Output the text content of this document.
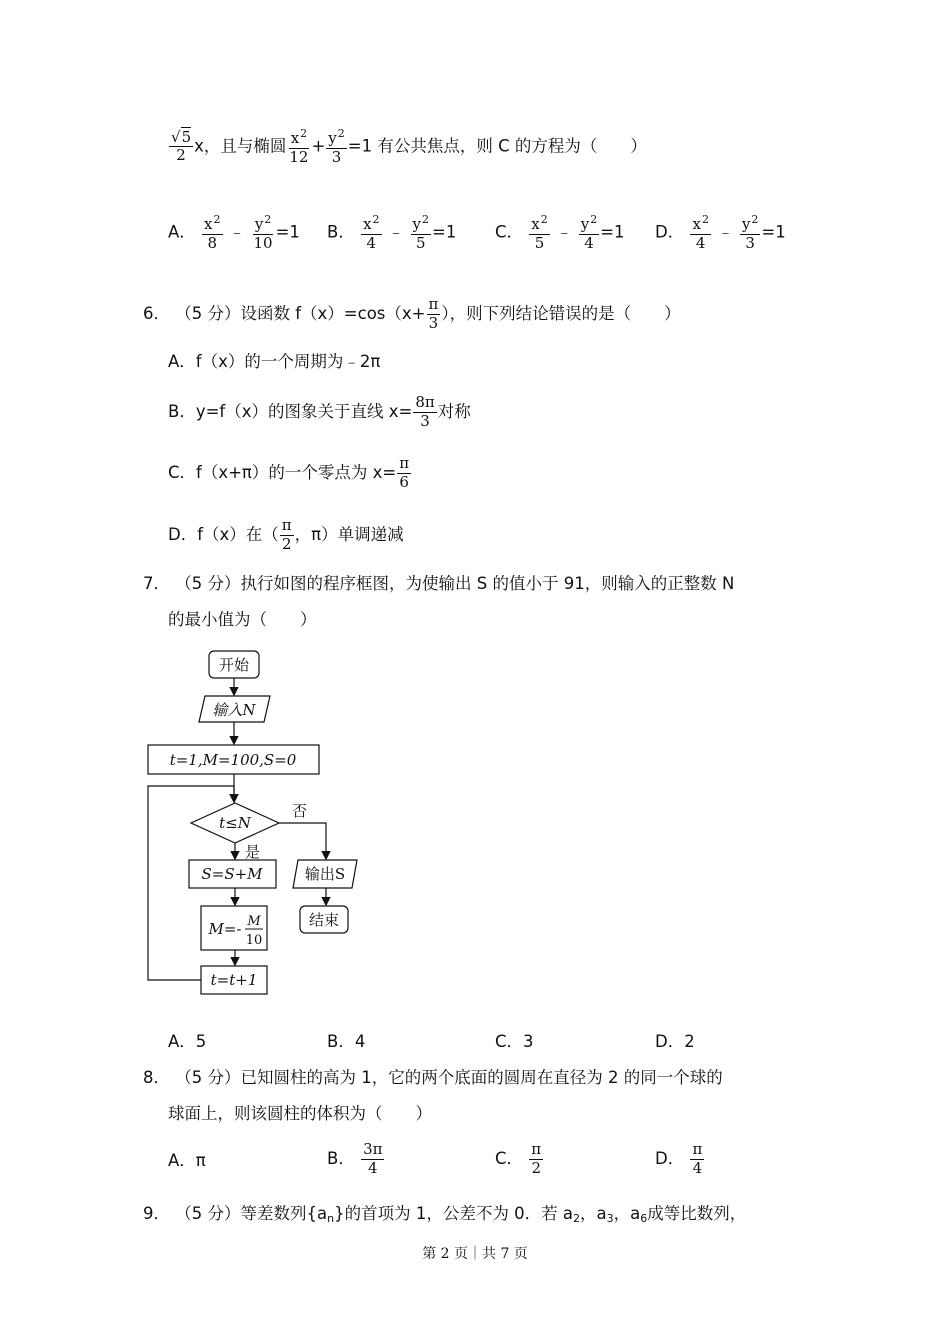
$\frac{√5}{2}$ x，且与椭圆 $\frac{x^2}{12} + \frac{y^2}{3} =1$ 有公共焦点，则 C 的方程为（　　）
A． $\frac{x^2}{8}$ ﹣ $\frac{y^2}{10} =1$ B． $\frac{x^2}{4}$ ﹣ $\frac{y^2}{5} =1$ C． $\frac{x^2}{5}$ ﹣ $\frac{y^2}{4} =1$ D． $\frac{x^2}{4}$ ﹣ $\frac{y^2}{3} =1$
6． （5 分）设函数 $f(x)=\cos(x+ \frac{\pi}{3}$ ），则下列结论错误的是（　　）
A．f（x）的一个周期为﹣2π
B．y=f（x）的图象关于直线 $x= \frac{8\pi}{3}$ 对称
C．f（x+π）的一个零点为 $x= \frac{\pi}{6}$
D．f（x）在（ $\frac{\pi}{2}$ ，π）单调递减
7． （5 分）执行如图的程序框图，为使输出 S 的值小于 91，则输入的正整数 N
的最小值为（　　）
开始
输入N
t=1,M=100,S=0
t≤N
否
是
S=S+M
M=- M
10
t=t+1
输出S
结束
A．5	B．4	C．3	D．2
8． （5 分）已知圆柱的高为 1，它的两个底面的圆周在直径为 2 的同一个球的
球面上，则该圆柱的体积为（　　）
A．π	B． $\frac{3\pi}{4}$	C． $\frac{\pi}{2}$	D． $\frac{\pi}{4}$
9． （5 分）等差数列$\{a_n\}$的首项为 1，公差不为 0．若 $a_2$，$a_3$，$a_6$成等比数列，
第 2 页｜共 7 页
